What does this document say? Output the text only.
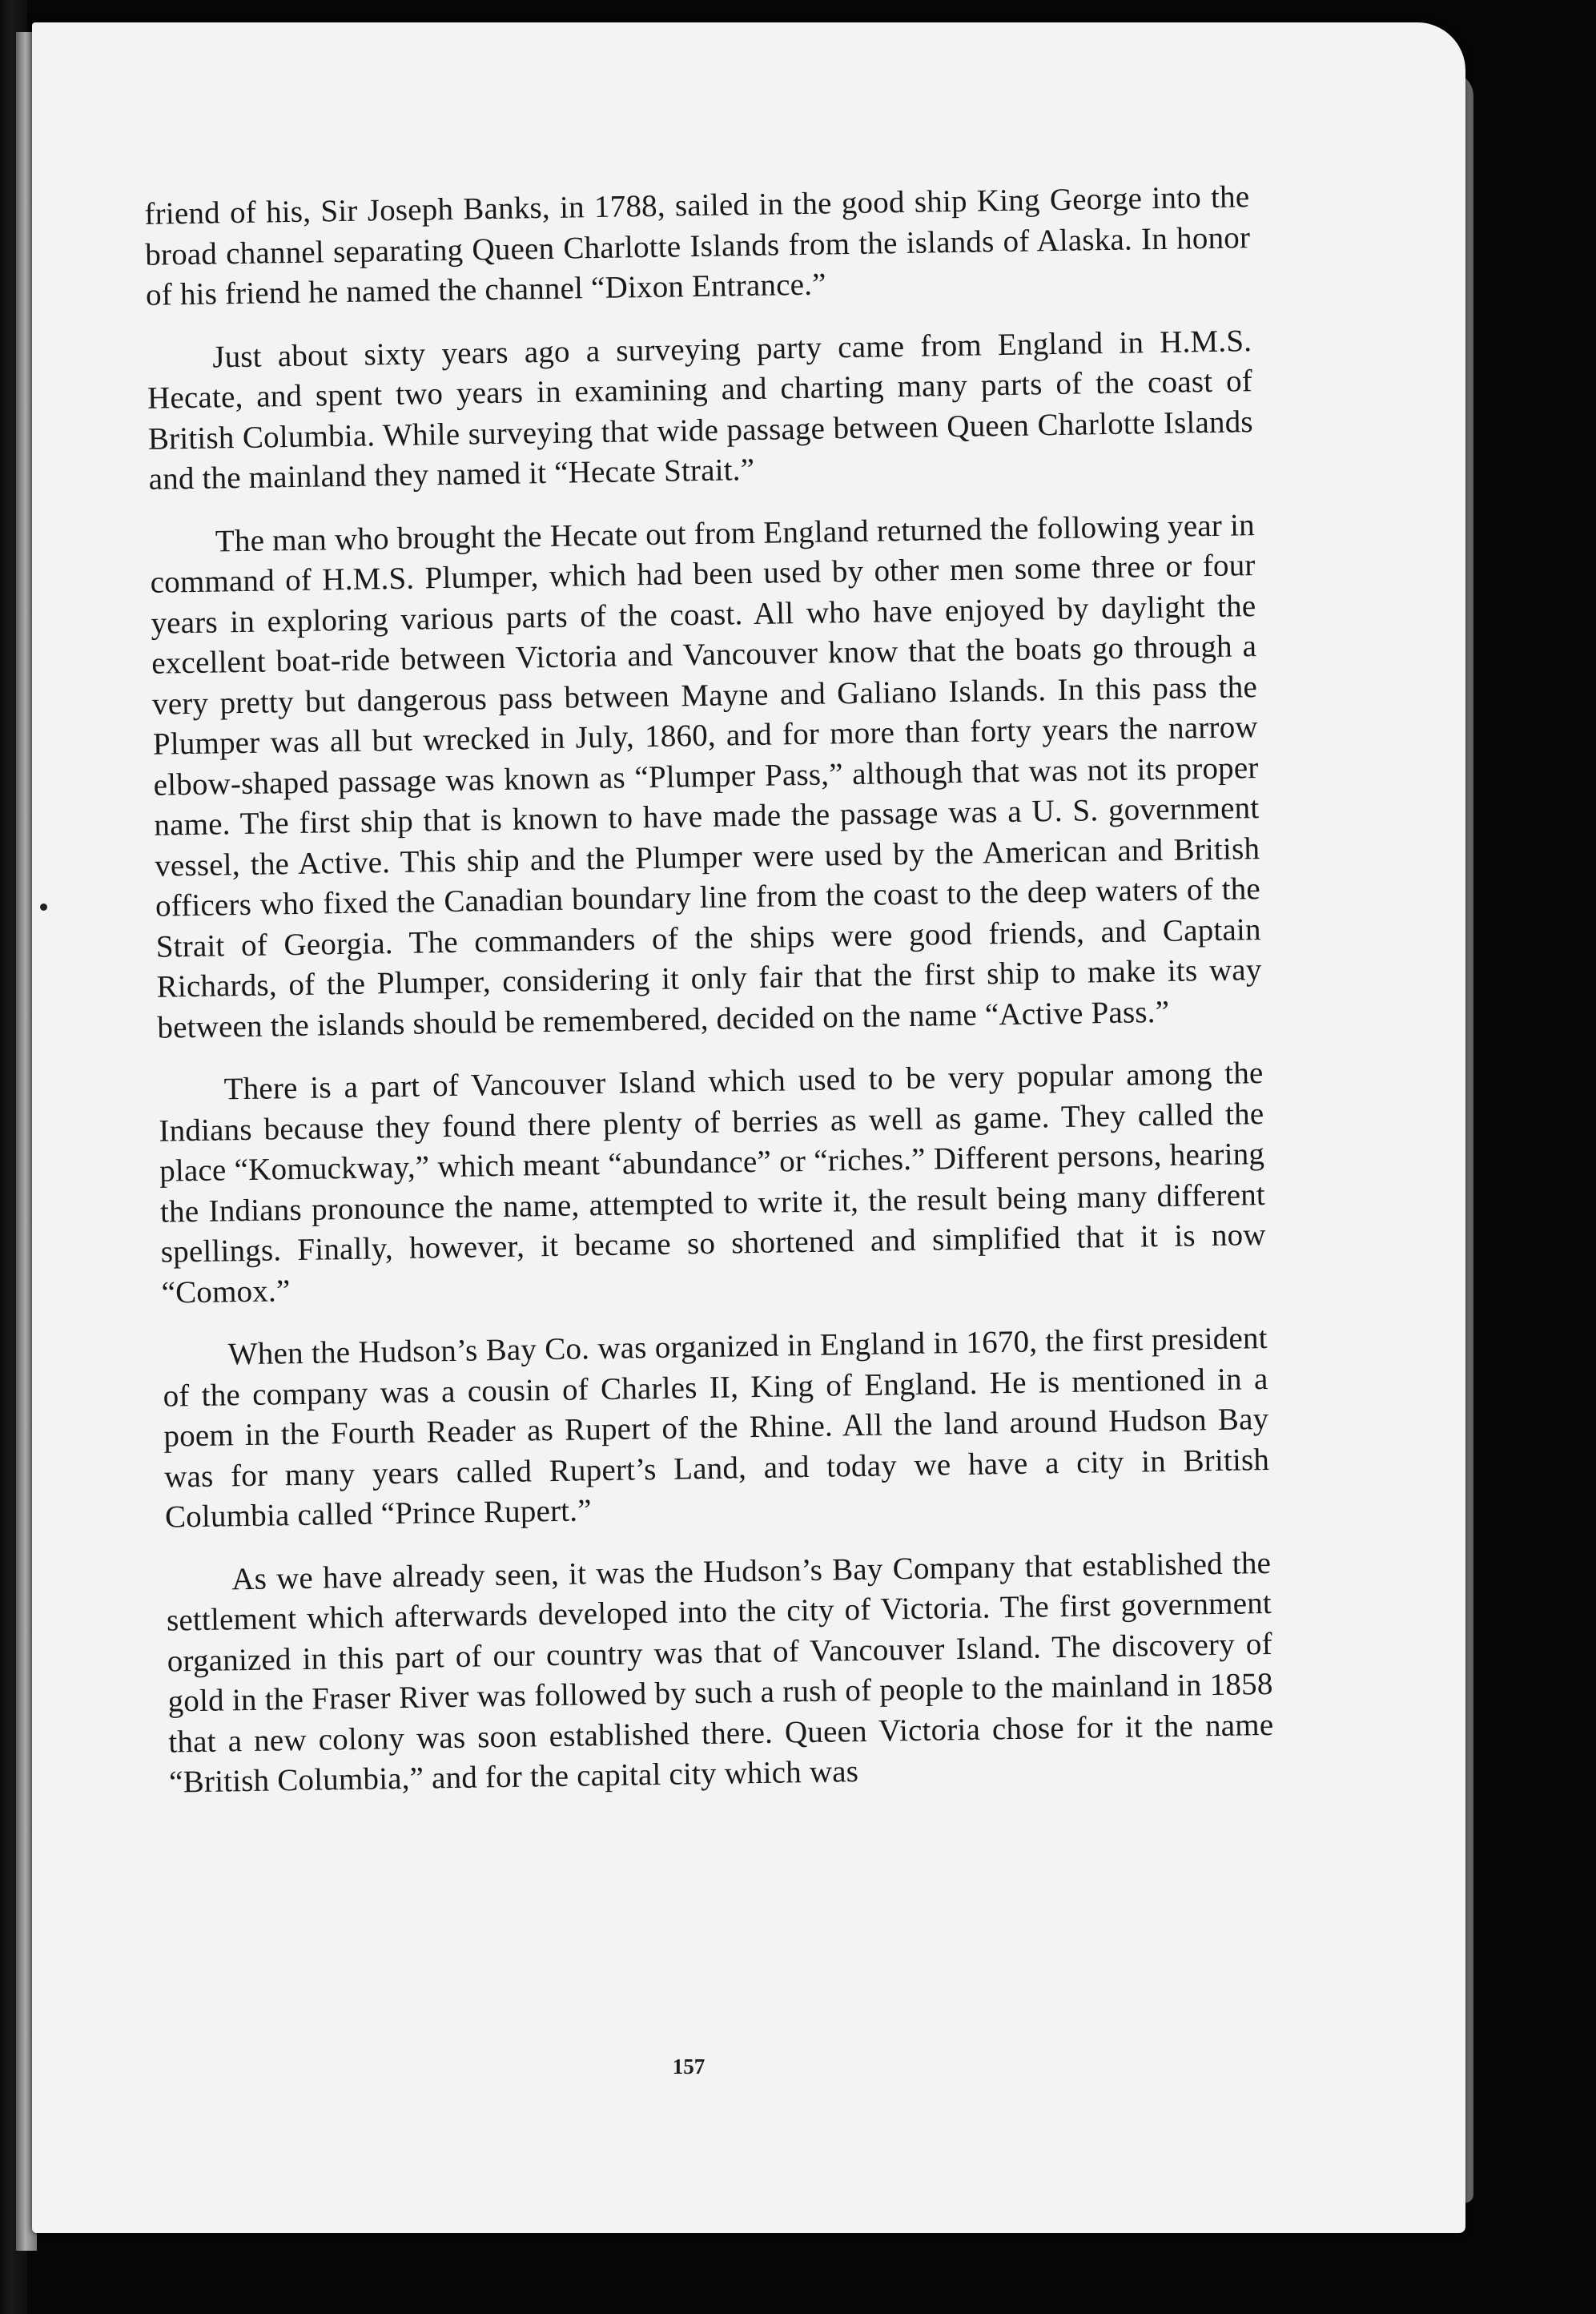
friend of his, Sir Joseph Banks, in 1788, sailed in the good ship King George into the broad channel separating Queen Charlotte Islands from the islands of Alaska. In honor of his friend he named the channel “Dixon Entrance.”

Just about sixty years ago a surveying party came from England in H.M.S. Hecate, and spent two years in examining and charting many parts of the coast of British Columbia. While surveying that wide passage between Queen Charlotte Islands and the mainland they named it “Hecate Strait.”

The man who brought the Hecate out from England returned the following year in command of H.M.S. Plumper, which had been used by other men some three or four years in exploring various parts of the coast. All who have enjoyed by daylight the excellent boat-ride between Victoria and Vancouver know that the boats go through a very pretty but dangerous pass between Mayne and Galiano Islands. In this pass the Plumper was all but wrecked in July, 1860, and for more than forty years the narrow elbow-shaped passage was known as “Plumper Pass,” although that was not its proper name. The first ship that is known to have made the passage was a U. S. government vessel, the Active. This ship and the Plumper were used by the American and British officers who fixed the Canadian boundary line from the coast to the deep waters of the Strait of Georgia. The commanders of the ships were good friends, and Captain Richards, of the Plumper, considering it only fair that the first ship to make its way between the islands should be remembered, decided on the name “Active Pass.”

There is a part of Vancouver Island which used to be very popular among the Indians because they found there plenty of berries as well as game. They called the place “Komuckway,” which meant “abundance” or “riches.” Different persons, hearing the Indians pronounce the name, attempted to write it, the result being many different spellings. Finally, however, it became so shortened and simplified that it is now “Comox.”

When the Hudson’s Bay Co. was organized in England in 1670, the first president of the company was a cousin of Charles II, King of England. He is mentioned in a poem in the Fourth Reader as Rupert of the Rhine. All the land around Hudson Bay was for many years called Rupert’s Land, and today we have a city in British Columbia called “Prince Rupert.”

As we have already seen, it was the Hudson’s Bay Company that established the settlement which afterwards developed into the city of Victoria. The first government organized in this part of our country was that of Vancouver Island. The discovery of gold in the Fraser River was followed by such a rush of people to the mainland in 1858 that a new colony was soon established there. Queen Victoria chose for it the name “British Columbia,” and for the capital city which was

157
